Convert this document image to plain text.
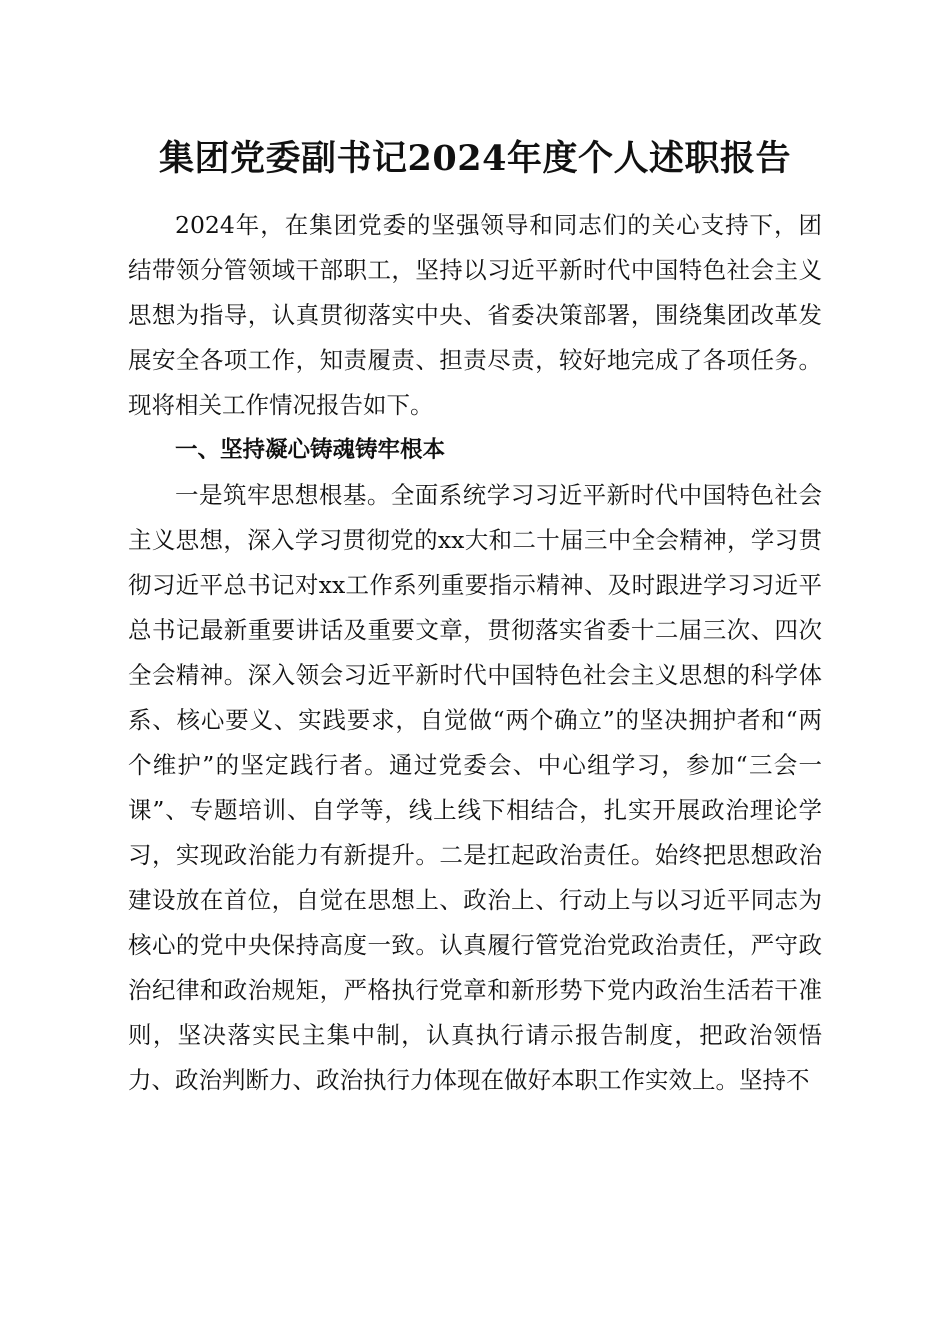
集团党委副书记2024年度个人述职报告

2024年，在集团党委的坚强领导和同志们的关心支持下，团结带领分管领域干部职工，坚持以习近平新时代中国特色社会主义思想为指导，认真贯彻落实中央、省委决策部署，围绕集团改革发展安全各项工作，知责履责、担责尽责，较好地完成了各项任务。现将相关工作情况报告如下。

一、坚持凝心铸魂铸牢根本

一是筑牢思想根基。全面系统学习习近平新时代中国特色社会主义思想，深入学习贯彻党的xx大和二十届三中全会精神，学习贯彻习近平总书记对xx工作系列重要指示精神、及时跟进学习习近平总书记最新重要讲话及重要文章，贯彻落实省委十二届三次、四次全会精神。深入领会习近平新时代中国特色社会主义思想的科学体系、核心要义、实践要求，自觉做“两个确立”的坚决拥护者和“两个维护”的坚定践行者。通过党委会、中心组学习，参加“三会一课”、专题培训、自学等，线上线下相结合，扎实开展政治理论学习，实现政治能力有新提升。二是扛起政治责任。始终把思想政治建设放在首位，自觉在思想上、政治上、行动上与以习近平同志为核心的党中央保持高度一致。认真履行管党治党政治责任，严守政治纪律和政治规矩，严格执行党章和新形势下党内政治生活若干准则，坚决落实民主集中制，认真执行请示报告制度，把政治领悟力、政治判断力、政治执行力体现在做好本职工作实效上。坚持不
